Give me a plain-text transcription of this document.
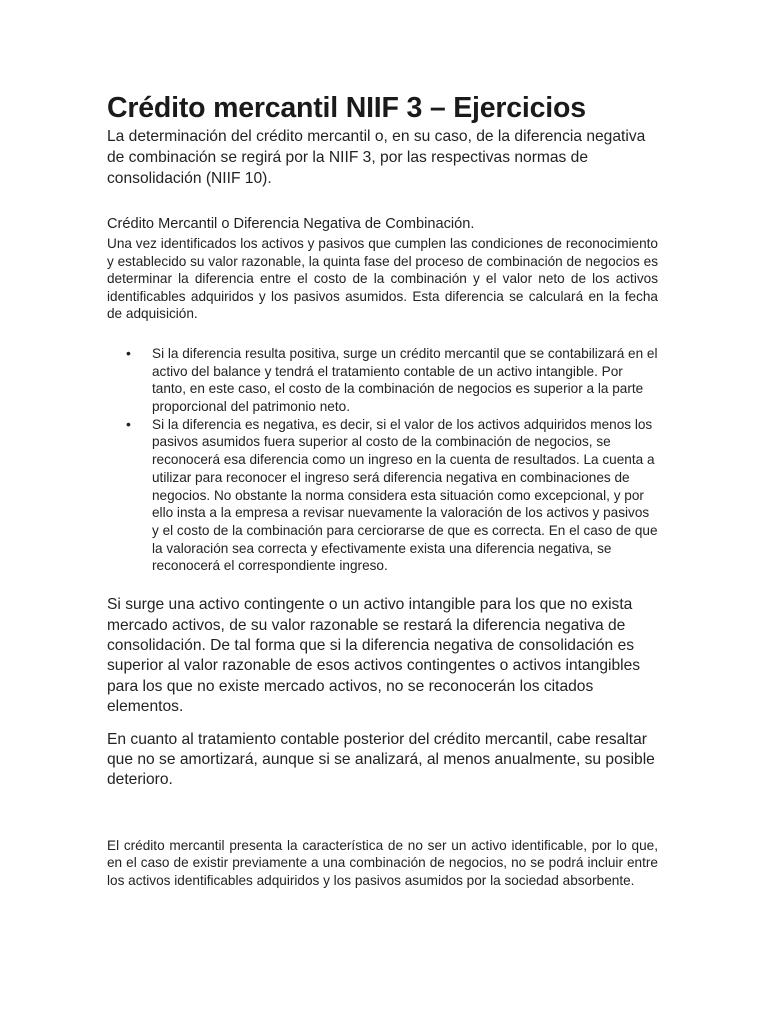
Crédito mercantil NIIF 3 – Ejercicios

La determinación del crédito mercantil o, en su caso, de la diferencia negativa de combinación se regirá por la NIIF 3, por las respectivas normas de consolidación (NIIF 10).

Crédito Mercantil o Diferencia Negativa de Combinación.

Una vez identificados los activos y pasivos que cumplen las condiciones de reconocimiento y establecido su valor razonable, la quinta fase del proceso de combinación de negocios es determinar la diferencia entre el costo de la combinación y el valor neto de los activos identificables adquiridos y los pasivos asumidos. Esta diferencia se calculará en la fecha de adquisición.

• Si la diferencia resulta positiva, surge un crédito mercantil que se contabilizará en el activo del balance y tendrá el tratamiento contable de un activo intangible. Por tanto, en este caso, el costo de la combinación de negocios es superior a la parte proporcional del patrimonio neto.
• Si la diferencia es negativa, es decir, si el valor de los activos adquiridos menos los pasivos asumidos fuera superior al costo de la combinación de negocios, se reconocerá esa diferencia como un ingreso en la cuenta de resultados. La cuenta a utilizar para reconocer el ingreso será diferencia negativa en combinaciones de negocios. No obstante la norma considera esta situación como excepcional, y por ello insta a la empresa a revisar nuevamente la valoración de los activos y pasivos y el costo de la combinación para cerciorarse de que es correcta. En el caso de que la valoración sea correcta y efectivamente exista una diferencia negativa, se reconocerá el correspondiente ingreso.

Si surge una activo contingente o un activo intangible para los que no exista mercado activos, de su valor razonable se restará la diferencia negativa de consolidación. De tal forma que si la diferencia negativa de consolidación es superior al valor razonable de esos activos contingentes o activos intangibles para los que no existe mercado activos, no se reconocerán los citados elementos.

En cuanto al tratamiento contable posterior del crédito mercantil, cabe resaltar que no se amortizará, aunque si se analizará, al menos anualmente, su posible deterioro.

El crédito mercantil presenta la característica de no ser un activo identificable, por lo que, en el caso de existir previamente a una combinación de negocios, no se podrá incluir entre los activos identificables adquiridos y los pasivos asumidos por la sociedad absorbente.
